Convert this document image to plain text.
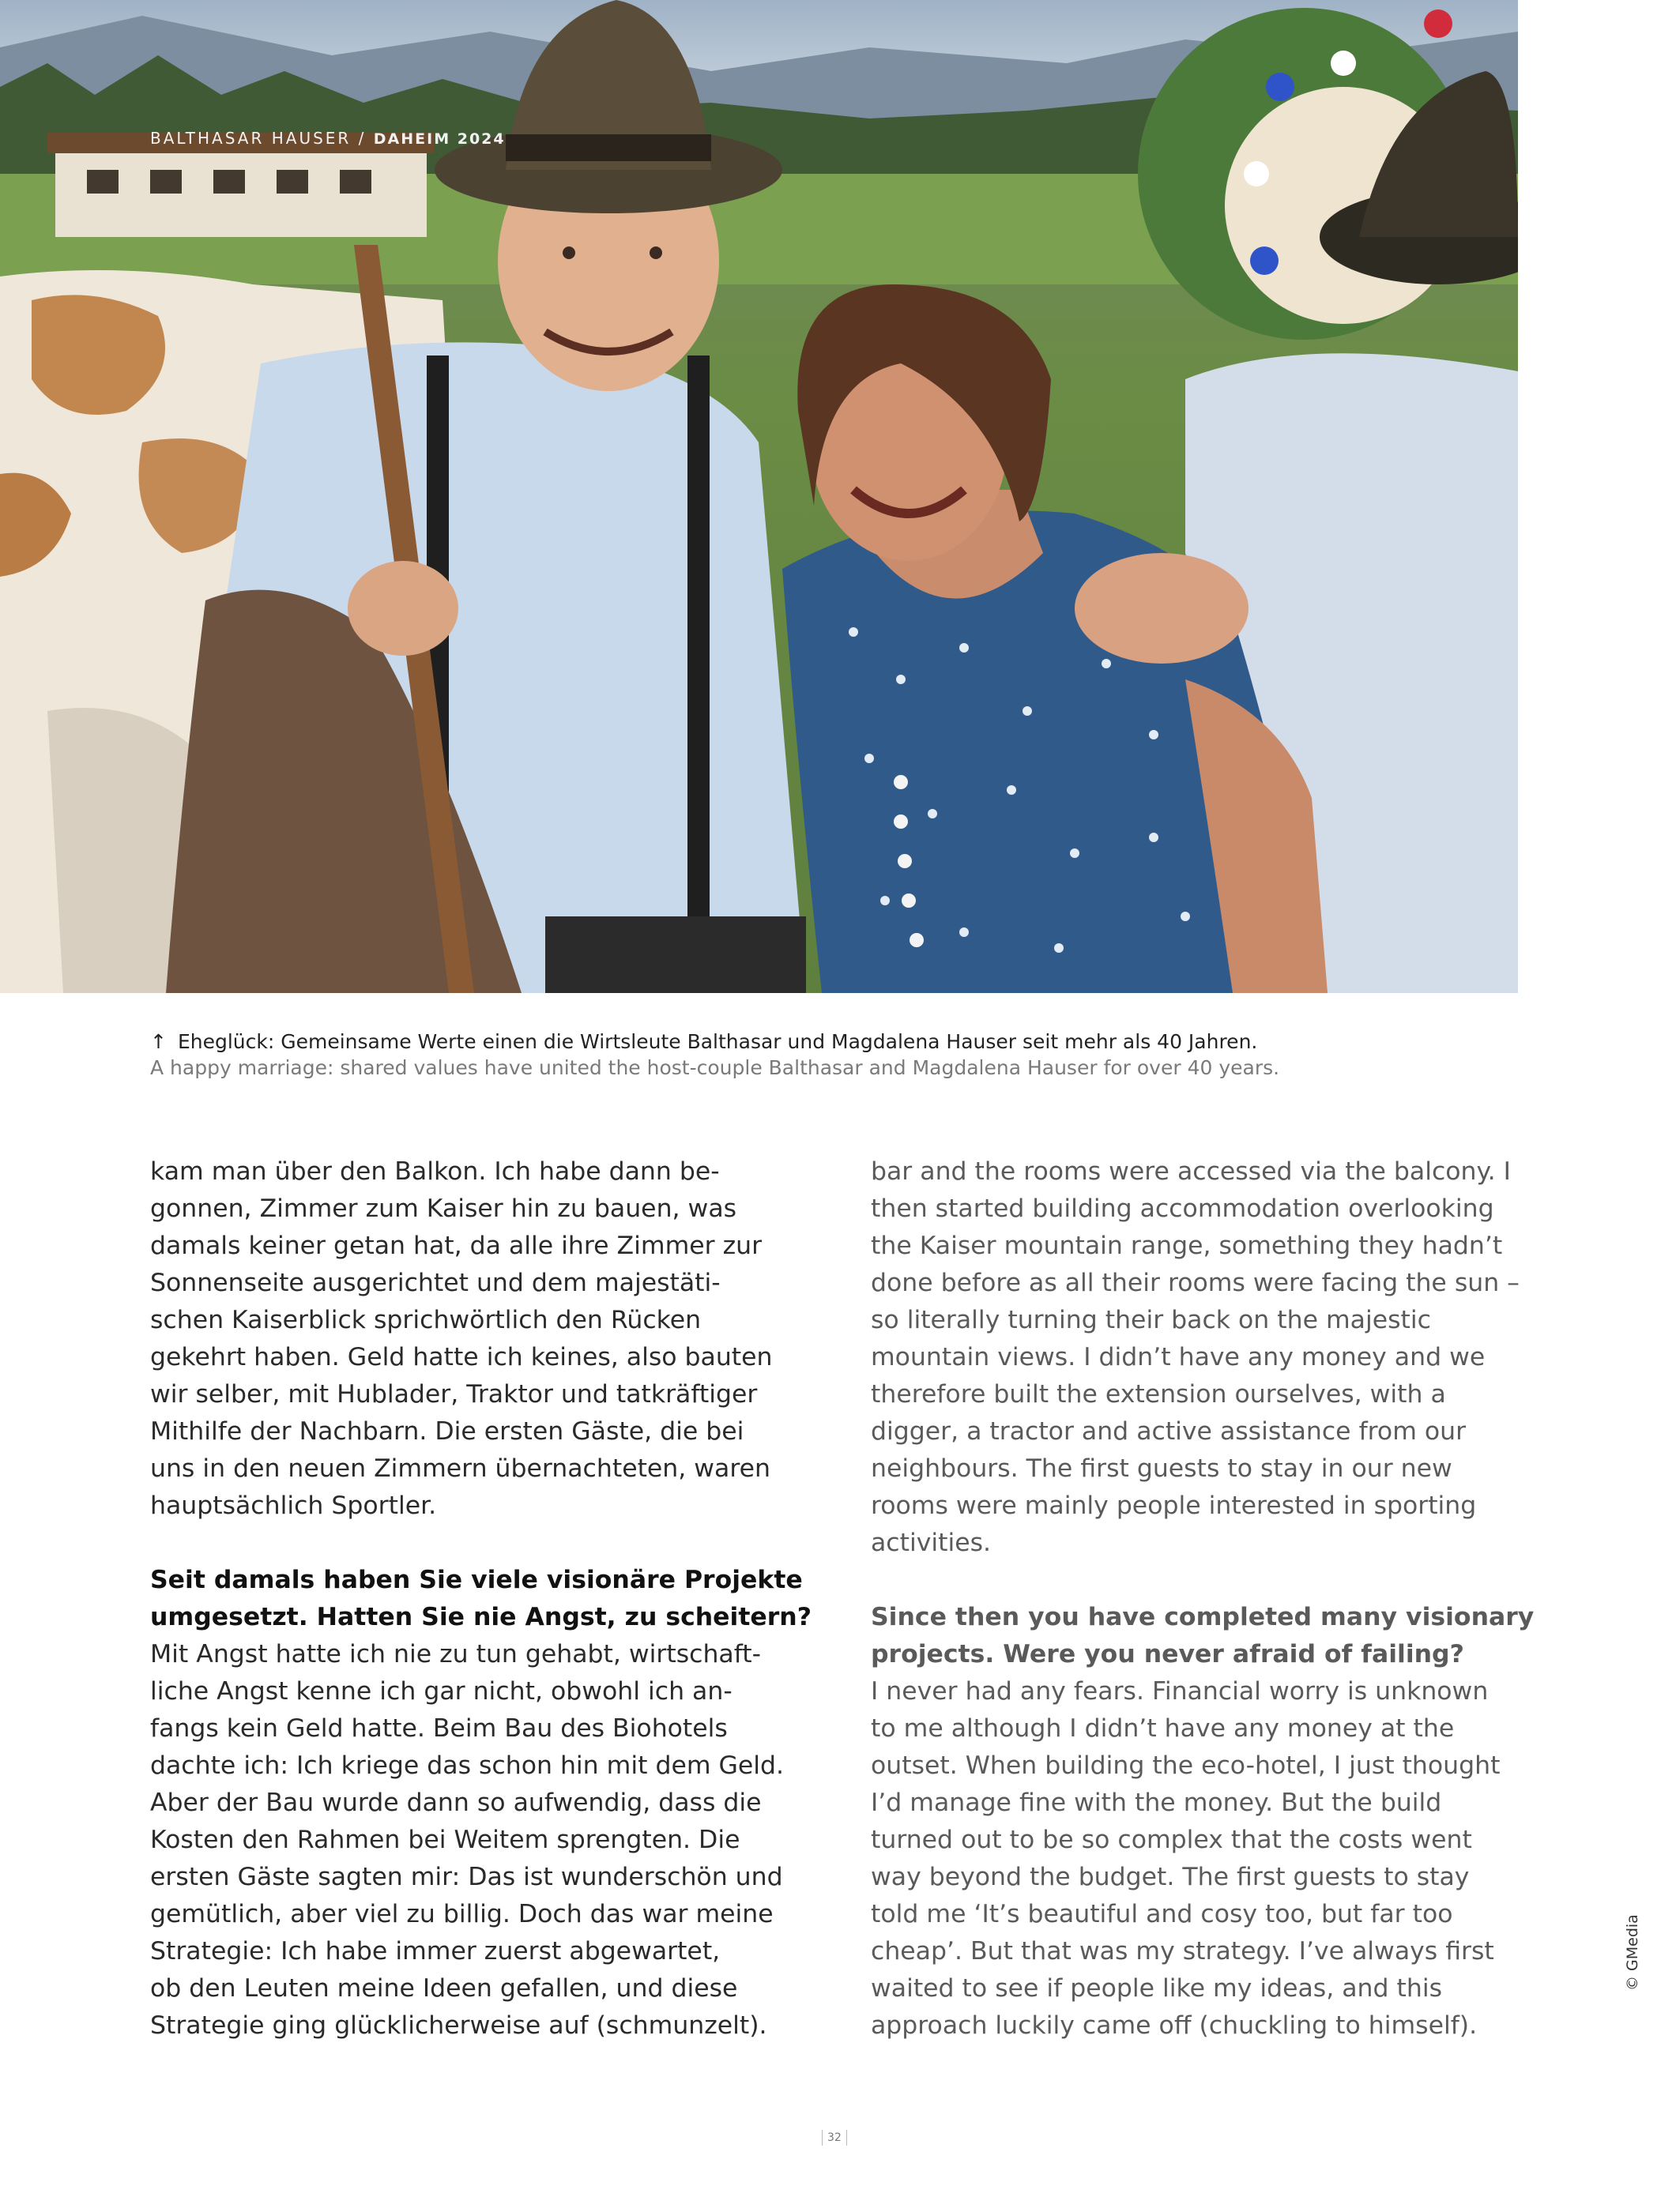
BALTHASAR HAUSER / DAHEIM 2024

↑ Eheglück: Gemeinsame Werte einen die Wirtsleute Balthasar und Magdalena Hauser seit mehr als 40 Jahren.

A happy marriage: shared values have united the host-couple Balthasar and Magdalena Hauser for over 40 years.

kam man über den Balkon. Ich habe dann be-
gonnen, Zimmer zum Kaiser hin zu bauen, was
damals keiner getan hat, da alle ihre Zimmer zur
Sonnenseite ausgerichtet und dem majestäti-
schen Kaiserblick sprichwörtlich den Rücken
gekehrt haben. Geld hatte ich keines, also bauten
wir selber, mit Hublader, Traktor und tatkräftiger
Mithilfe der Nachbarn. Die ersten Gäste, die bei
uns in den neuen Zimmern übernachteten, waren
hauptsächlich Sportler.
Seit damals haben Sie viele visionäre Projekte
umgesetzt. Hatten Sie nie Angst, zu scheitern?
Mit Angst hatte ich nie zu tun gehabt, wirtschaft-
liche Angst kenne ich gar nicht, obwohl ich an-
fangs kein Geld hatte. Beim Bau des Biohotels
dachte ich: Ich kriege das schon hin mit dem Geld.
Aber der Bau wurde dann so aufwendig, dass die
Kosten den Rahmen bei Weitem sprengten. Die
ersten Gäste sagten mir: Das ist wunderschön und
gemütlich, aber viel zu billig. Doch das war meine
Strategie: Ich habe immer zuerst abgewartet,
ob den Leuten meine Ideen gefallen, und diese
Strategie ging glücklicherweise auf (schmunzelt).
bar and the rooms were accessed via the balcony. I
then started building accommodation overlooking
the Kaiser mountain range, something they hadn’t
done before as all their rooms were facing the sun –
so literally turning their back on the majestic
mountain views. I didn’t have any money and we
therefore built the extension ourselves, with a
digger, a tractor and active assistance from our
neighbours. The first guests to stay in our new
rooms were mainly people interested in sporting
activities.
Since then you have completed many visionary
projects. Were you never afraid of failing?
I never had any fears. Financial worry is unknown
to me although I didn’t have any money at the
outset. When building the eco-hotel, I just thought
I’d manage fine with the money. But the build
turned out to be so complex that the costs went
way beyond the budget. The first guests to stay
told me ‘It’s beautiful and cosy too, but far too
cheap’. But that was my strategy. I’ve always first
waited to see if people like my ideas, and this
approach luckily came off (chuckling to himself).
© GMedia
32
